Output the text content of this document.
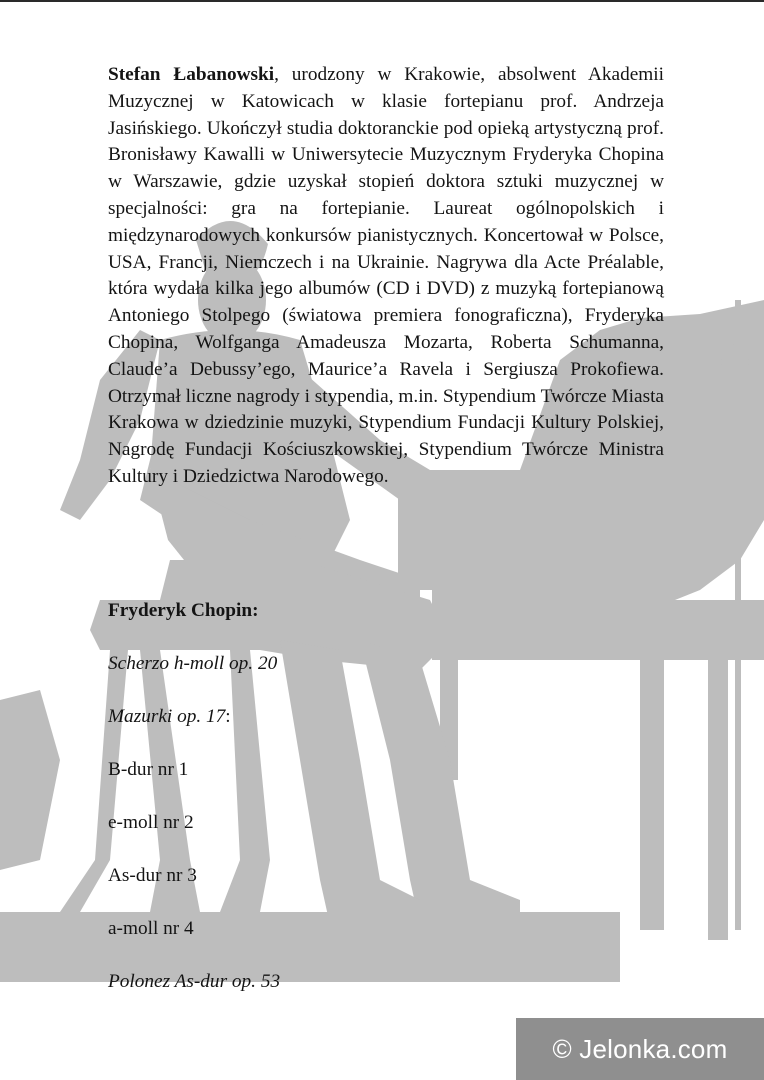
Stefan Łabanowski, urodzony w Krakowie, absolwent Akademii Muzycznej w Katowicach w klasie fortepianu prof. Andrzeja Jasińskiego. Ukończył studia doktoranckie pod opieką artystyczną prof. Bronisławy Kawalli w Uniwersytecie Muzycznym Fryderyka Chopina w Warszawie, gdzie uzyskał stopień doktora sztuki muzycznej w specjalności: gra na fortepianie. Laureat ogólnopolskich i międzynarodowych konkursów pianistycznych. Koncertował w Polsce, USA, Francji, Niemczech i na Ukrainie. Nagrywa dla Acte Préalable, która wydała kilka jego albumów (CD i DVD) z muzyką fortepianową Antoniego Stolpego (światowa premiera fonograficzna), Fryderyka Chopina, Wolfganga Amadeusza Mozarta, Roberta Schumanna, Claude’a Debussy’ego, Maurice’a Ravela i Sergiusza Prokofiewa. Otrzymał liczne nagrody i stypendia, m.in. Stypendium Twórcze Miasta Krakowa w dziedzinie muzyki, Stypendium Fundacji Kultury Polskiej, Nagrodę Fundacji Kościuszkowskiej, Stypendium Twórcze Ministra Kultury i Dziedzictwa Narodowego.

Fryderyk Chopin:
Scherzo h-moll op. 20
Mazurki op. 17:
B-dur nr 1
e-moll nr 2
As-dur nr 3
a-moll nr 4
Polonez As-dur op. 53
© Jelonka.com
